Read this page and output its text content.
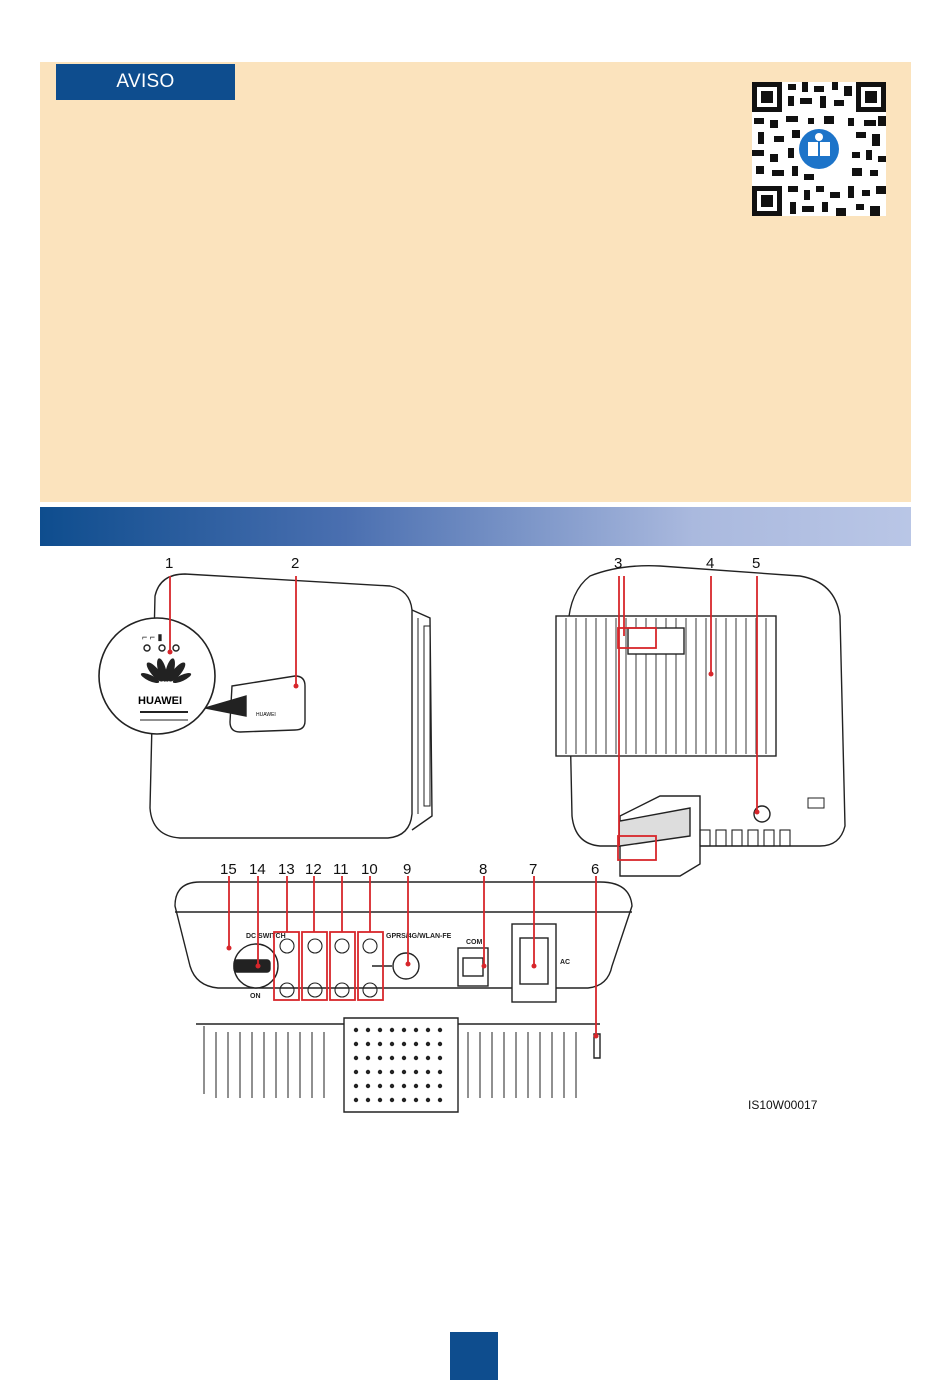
AVISO
⌐ ⌐ ▮
HUAWEI
HUAWEI
DC SWITCH
ON
GPRS/4G/WLAN-FE
COM
AC
1	2	3	4	5
6
7
8
9
10
11
12
13
14
15
IS10W00017
